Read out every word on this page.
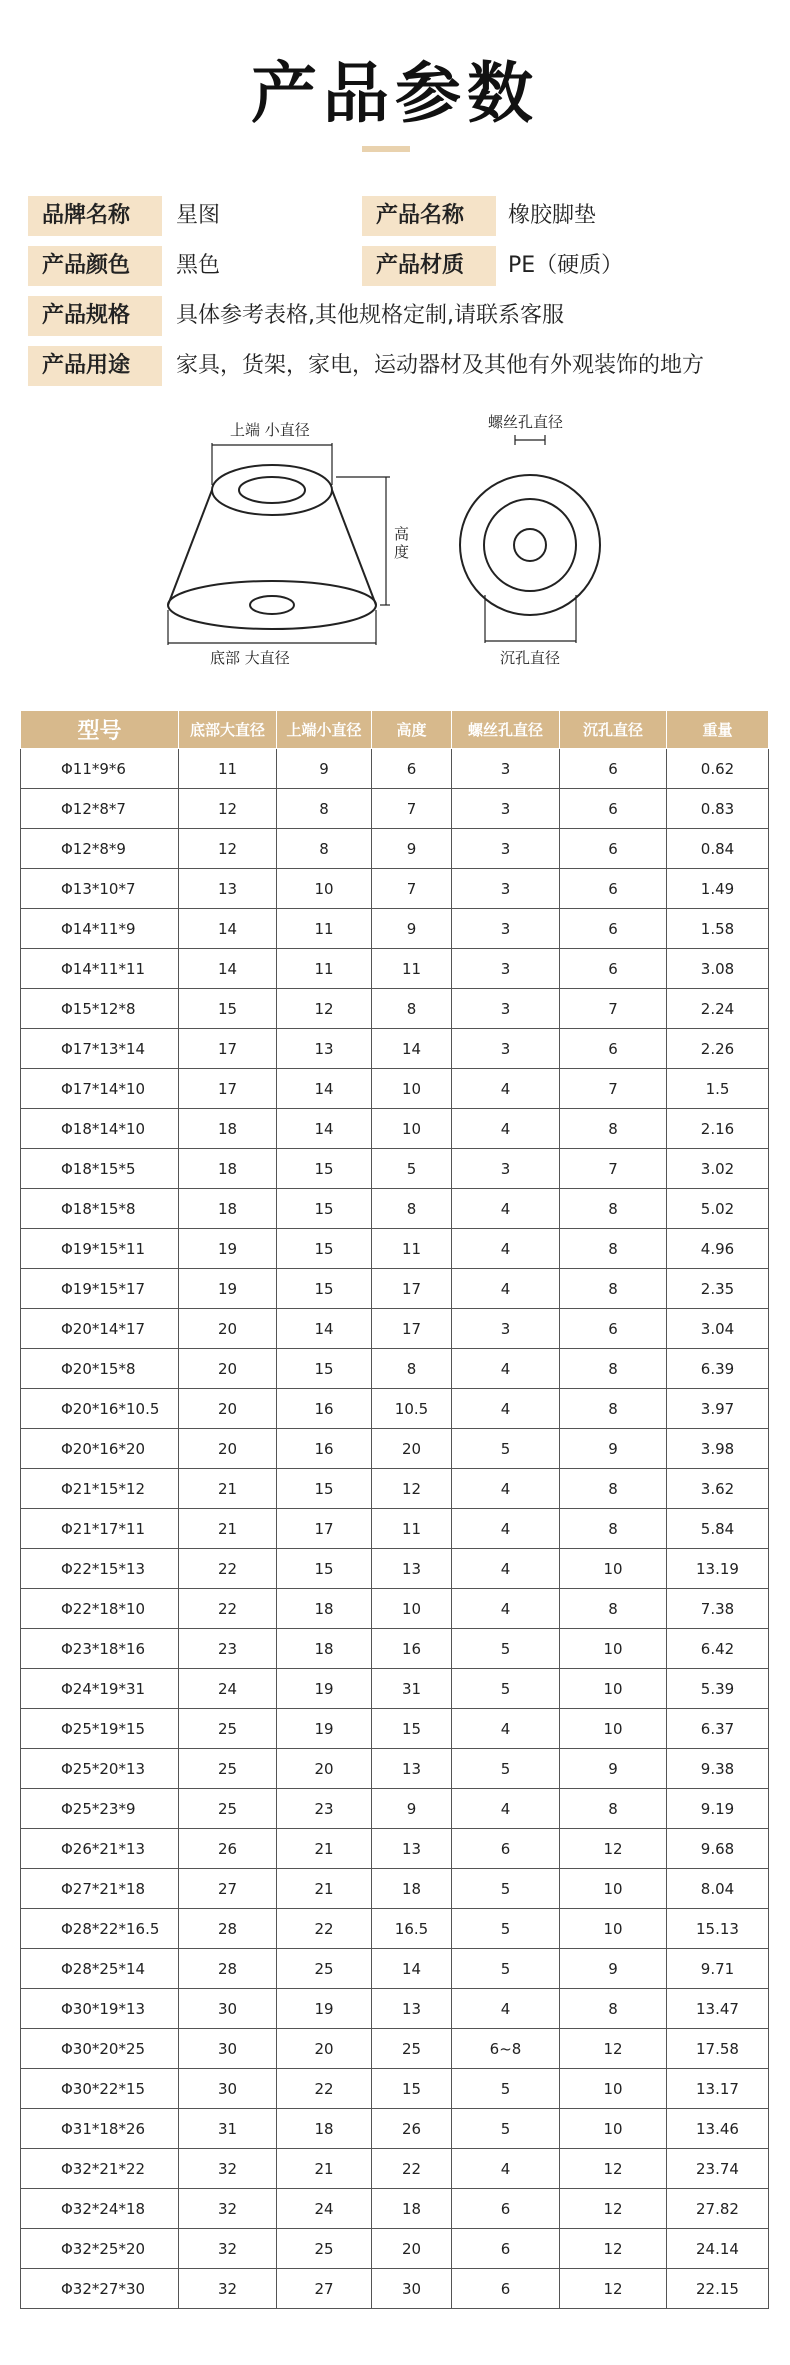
产品参数
品牌名称	星图	产品名称	橡胶脚垫
产品颜色	黑色	产品材质	PE（硬质）
产品规格	具体参考表格,其他规格定制,请联系客服
产品用途	家具，货架，家电，运动器材及其他有外观装饰的地方
上端 小直径
高
度
底部 大直径
螺丝孔直径
沉孔直径
型号	底部大直径	上端小直径	高度	螺丝孔直径	沉孔直径	重量
Φ11*9*6	11	9	6	3	6	0.62
Φ12*8*7	12	8	7	3	6	0.83
Φ12*8*9	12	8	9	3	6	0.84
Φ13*10*7	13	10	7	3	6	1.49
Φ14*11*9	14	11	9	3	6	1.58
Φ14*11*11	14	11	11	3	6	3.08
Φ15*12*8	15	12	8	3	7	2.24
Φ17*13*14	17	13	14	3	6	2.26
Φ17*14*10	17	14	10	4	7	1.5
Φ18*14*10	18	14	10	4	8	2.16
Φ18*15*5	18	15	5	3	7	3.02
Φ18*15*8	18	15	8	4	8	5.02
Φ19*15*11	19	15	11	4	8	4.96
Φ19*15*17	19	15	17	4	8	2.35
Φ20*14*17	20	14	17	3	6	3.04
Φ20*15*8	20	15	8	4	8	6.39
Φ20*16*10.5	20	16	10.5	4	8	3.97
Φ20*16*20	20	16	20	5	9	3.98
Φ21*15*12	21	15	12	4	8	3.62
Φ21*17*11	21	17	11	4	8	5.84
Φ22*15*13	22	15	13	4	10	13.19
Φ22*18*10	22	18	10	4	8	7.38
Φ23*18*16	23	18	16	5	10	6.42
Φ24*19*31	24	19	31	5	10	5.39
Φ25*19*15	25	19	15	4	10	6.37
Φ25*20*13	25	20	13	5	9	9.38
Φ25*23*9	25	23	9	4	8	9.19
Φ26*21*13	26	21	13	6	12	9.68
Φ27*21*18	27	21	18	5	10	8.04
Φ28*22*16.5	28	22	16.5	5	10	15.13
Φ28*25*14	28	25	14	5	9	9.71
Φ30*19*13	30	19	13	4	8	13.47
Φ30*20*25	30	20	25	6~8	12	17.58
Φ30*22*15	30	22	15	5	10	13.17
Φ31*18*26	31	18	26	5	10	13.46
Φ32*21*22	32	21	22	4	12	23.74
Φ32*24*18	32	24	18	6	12	27.82
Φ32*25*20	32	25	20	6	12	24.14
Φ32*27*30	32	27	30	6	12	22.15
